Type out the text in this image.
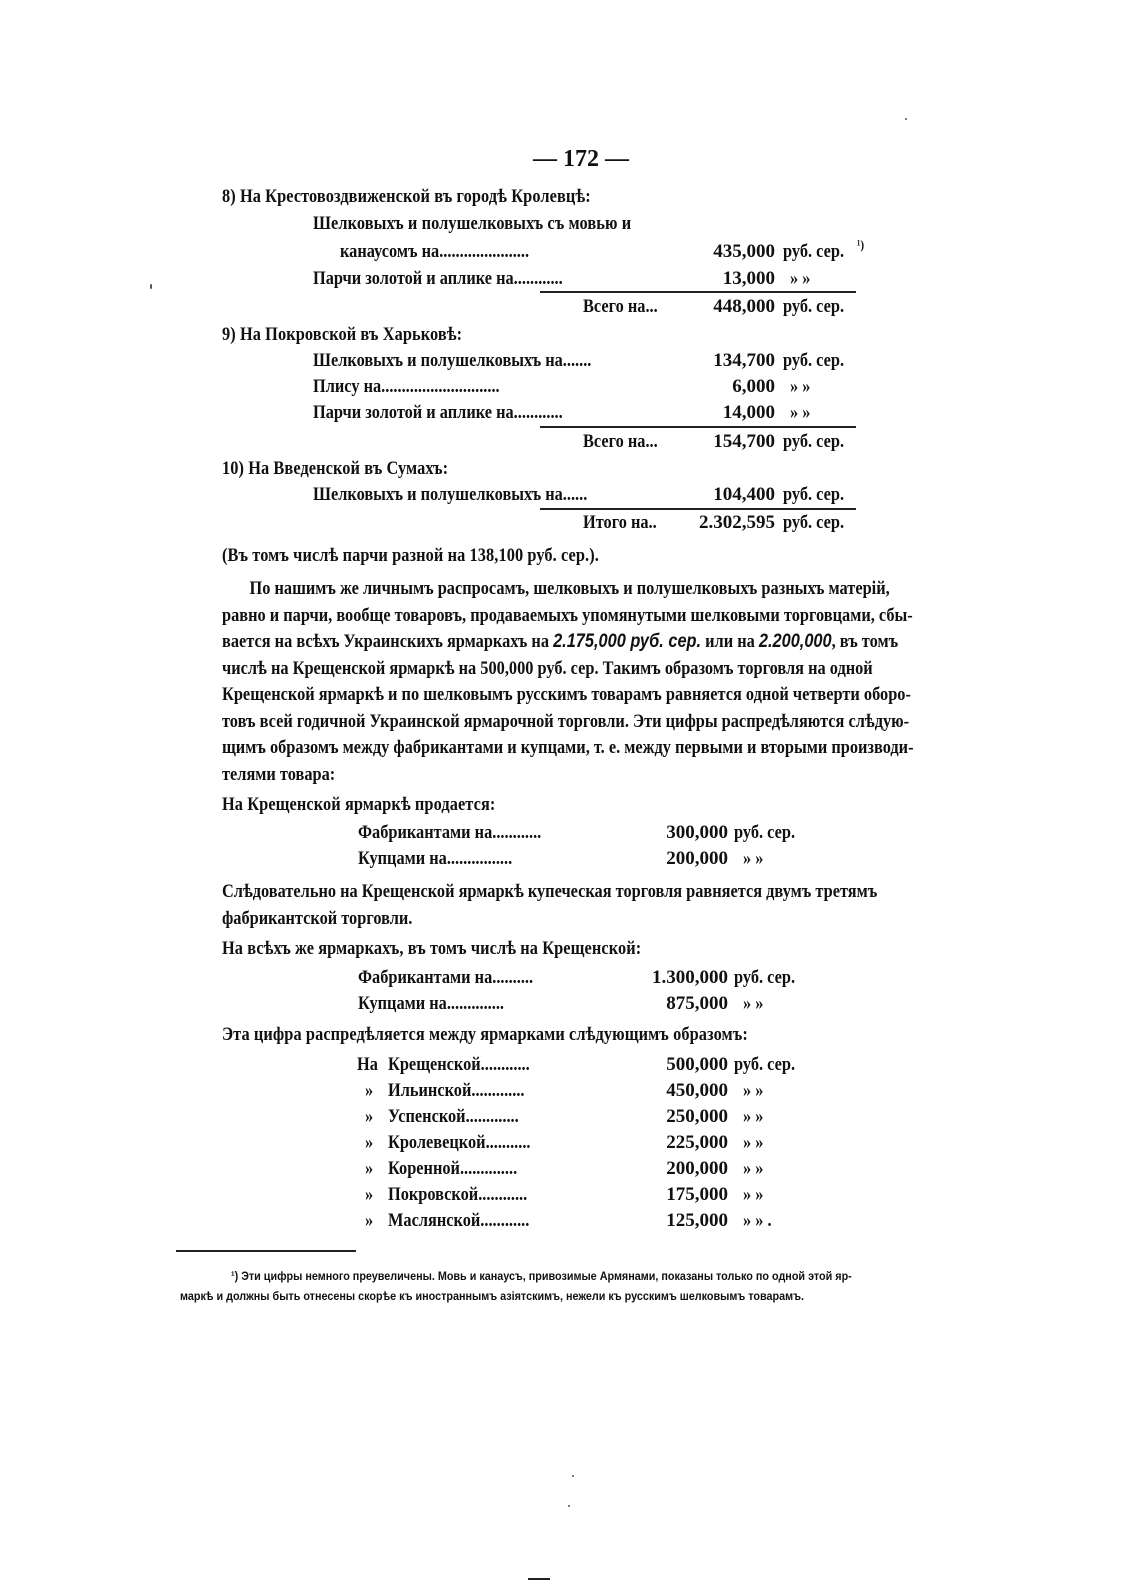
— 172 —
8) На Крестовоздвиженской въ городѣ Кролевцѣ:
Шелковыхъ и полушелковыхъ съ мовью и
канаусомъ на......................	435,000 руб. сер. ¹)
Парчи золотой и аплике на............	13,000 » »
Всего на...	448,000 руб. сер.
9) На Покровской въ Харьковѣ:
Шелковыхъ и полушелковыхъ на.......	134,700 руб. сер.
Плису на.............................	6,000 » »
Парчи золотой и аплике на............	14,000 » »
Всего на...	154,700 руб. сер.
10) На Введенской въ Сумахъ:
Шелковыхъ и полушелковыхъ на......	104,400 руб. сер.
Итого на..	2.302,595 руб. сер.
(Въ томъ числѣ парчи разной на 138,100 руб. сер.).
По нашимъ же личнымъ распросамъ, шелковыхъ и полушелковыхъ разныхъ матерій,
равно и парчи, вообще товаровъ, продаваемыхъ упомянутыми шелковыми торговцами, сбы-
вается на всѣхъ Украинскихъ ярмаркахъ на 2.175,000 руб. сер. или на 2.200,000, въ томъ
числѣ на Крещенской ярмаркѣ на 500,000 руб. сер. Такимъ образомъ торговля на одной
Крещенской ярмаркѣ и по шелковымъ русскимъ товарамъ равняется одной четверти оборо-
товъ всей годичной Украинской ярмарочной торговли. Эти цифры распредѣляются слѣдую-
щимъ образомъ между фабрикантами и купцами, т. е. между первыми и вторыми производи-
телями товара:
На Крещенской ярмаркѣ продается:
Фабрикантами на............	300,000 руб. сер.
Купцами на................	200,000 » »
Слѣдовательно на Крещенской ярмаркѣ купеческая торговля равняется двумъ третямъ
фабрикантской торговли.
На всѣхъ же ярмаркахъ, въ томъ числѣ на Крещенской:
Фабрикантами на..........	1.300,000 руб. сер.
Купцами на..............	875,000 » »
Эта цифра распредѣляется между ярмарками слѣдующимъ образомъ:
На Крещенской............	500,000 руб. сер.
» Ильинской.............	450,000 » »
» Успенской.............	250,000 » »
» Кролевецкой...........	225,000 » »
» Коренной..............	200,000 » »
» Покровской............	175,000 » »
» Маслянской............	125,000 » » .
¹) Эти цифры немного преувеличены. Мовь и канаусъ, привозимые Армянами, показаны только по одной этой яр-
маркѣ и должны быть отнесены скорѣе къ иностраннымъ азіятскимъ, нежели къ русскимъ шелковымъ товарамъ.
